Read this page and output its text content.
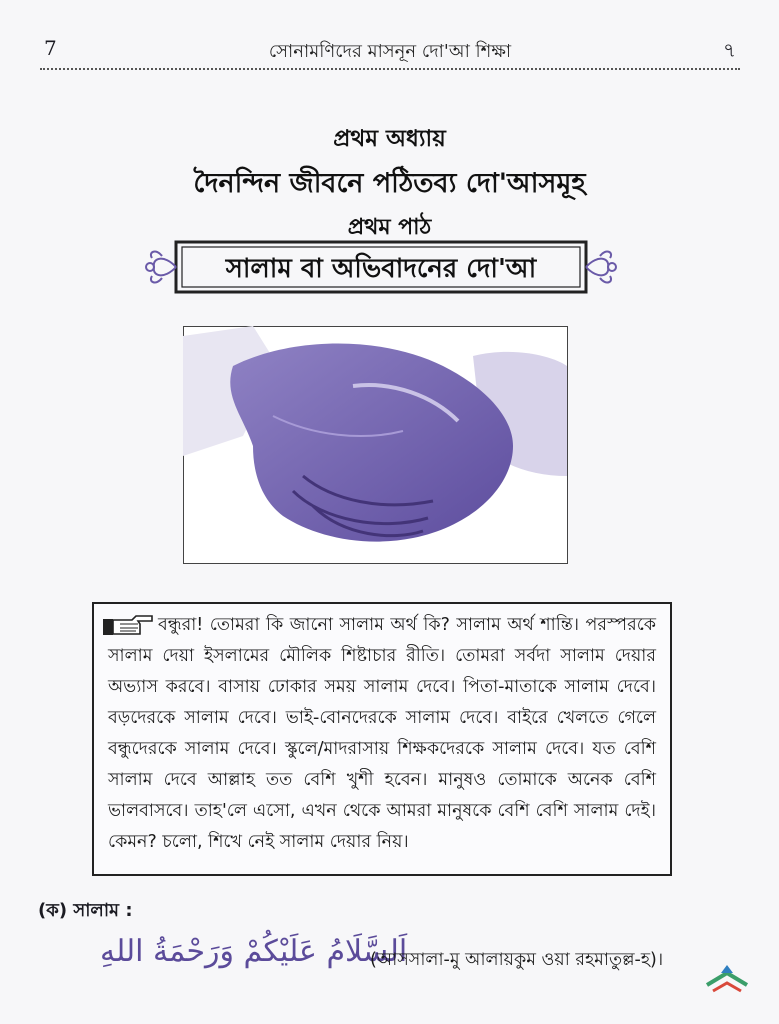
7	সোনামণিদের মাসনূন দো'আ শিক্ষা	৭
প্রথম অধ্যায়
দৈনন্দিন জীবনে পঠিতব্য দো'আসমূহ
প্রথম পাঠ
সালাম বা অভিবাদনের দো'আ

বন্ধুরা! তোমরা কি জানো সালাম অর্থ কি? সালাম অর্থ শান্তি। পরস্পরকে সালাম দেয়া ইসলামের মৌলিক শিষ্টাচার রীতি। তোমরা সর্বদা সালাম দেয়ার অভ্যাস করবে। বাসায় ঢোকার সময় সালাম দেবে। পিতা-মাতাকে সালাম দেবে। বড়দেরকে সালাম দেবে। ভাই-বোনদেরকে সালাম দেবে। বাইরে খেলতে গেলে বন্ধুদেরকে সালাম দেবে। স্কুলে/মাদরাসায় শিক্ষকদেরকে সালাম দেবে। যত বেশি সালাম দেবে আল্লাহ তত বেশি খুশী হবেন। মানুষও তোমাকে অনেক বেশি ভালবাসবে। তাহ'লে এসো, এখন থেকে আমরা মানুষকে বেশি বেশি সালাম দেই। কেমন? চলো, শিখে নেই সালাম দেয়ার নিয়।

(ক) সালাম :
اَلسَّلَامُ عَلَيْكُمْ وَرَحْمَةُ اللهِ
(আসসালা-মু আলায়কুম ওয়া রহমাতুল্ল-হ)।
